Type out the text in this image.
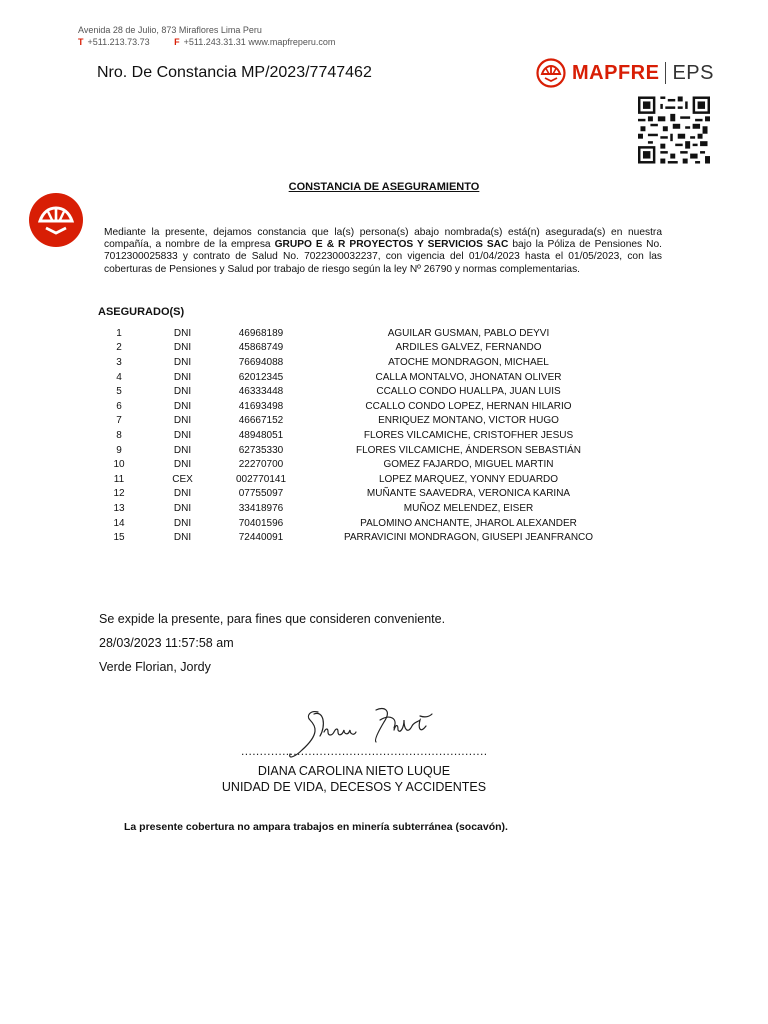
Avenida 28 de Julio, 873 Miraflores Lima Peru
T +511.213.73.73	F +511.243.31.31 www.mapfreperu.com
Nro. De Constancia MP/2023/7747462	MAPFRE EPS
CONSTANCIA DE ASEGURAMIENTO
Mediante la presente, dejamos constancia que la(s) persona(s) abajo nombrada(s) está(n) asegurada(s) en nuestra compañía, a nombre de la empresa GRUPO E & R PROYECTOS Y SERVICIOS SAC bajo la Póliza de Pensiones No. 7012300025833 y contrato de Salud No. 7022300032237, con vigencia del 01/04/2023 hasta el 01/05/2023, con las coberturas de Pensiones y Salud por trabajo de riesgo según la ley Nº 26790 y normas complementarias.
ASEGURADO(S)
1	DNI	46968189	AGUILAR GUSMAN, PABLO DEYVI
2	DNI	45868749	ARDILES GALVEZ, FERNANDO
3	DNI	76694088	ATOCHE MONDRAGON, MICHAEL
4	DNI	62012345	CALLA MONTALVO, JHONATAN OLIVER
5	DNI	46333448	CCALLO CONDO HUALLPA, JUAN LUIS
6	DNI	41693498	CCALLO CONDO LOPEZ, HERNAN HILARIO
7	DNI	46667152	ENRIQUEZ MONTANO, VICTOR HUGO
8	DNI	48948051	FLORES VILCAMICHE, CRISTOFHER JESUS
9	DNI	62735330	FLORES VILCAMICHE, ÁNDERSON SEBASTIÁN
10	DNI	22270700	GOMEZ FAJARDO, MIGUEL MARTIN
11	CEX	002770141	LOPEZ MARQUEZ, YONNY EDUARDO
12	DNI	07755097	MUÑANTE SAAVEDRA, VERONICA KARINA
13	DNI	33418976	MUÑOZ MELENDEZ, EISER
14	DNI	70401596	PALOMINO ANCHANTE, JHAROL ALEXANDER
15	DNI	72440091	PARRAVICINI MONDRAGON, GIUSEPI JEANFRANCO
Se expide la presente, para fines que consideren conveniente.
28/03/2023 11:57:58 am
Verde Florian, Jordy
..................................................................
DIANA CAROLINA NIETO LUQUE
UNIDAD DE VIDA, DECESOS Y ACCIDENTES
La presente cobertura no ampara trabajos en minería subterránea (socavón).
